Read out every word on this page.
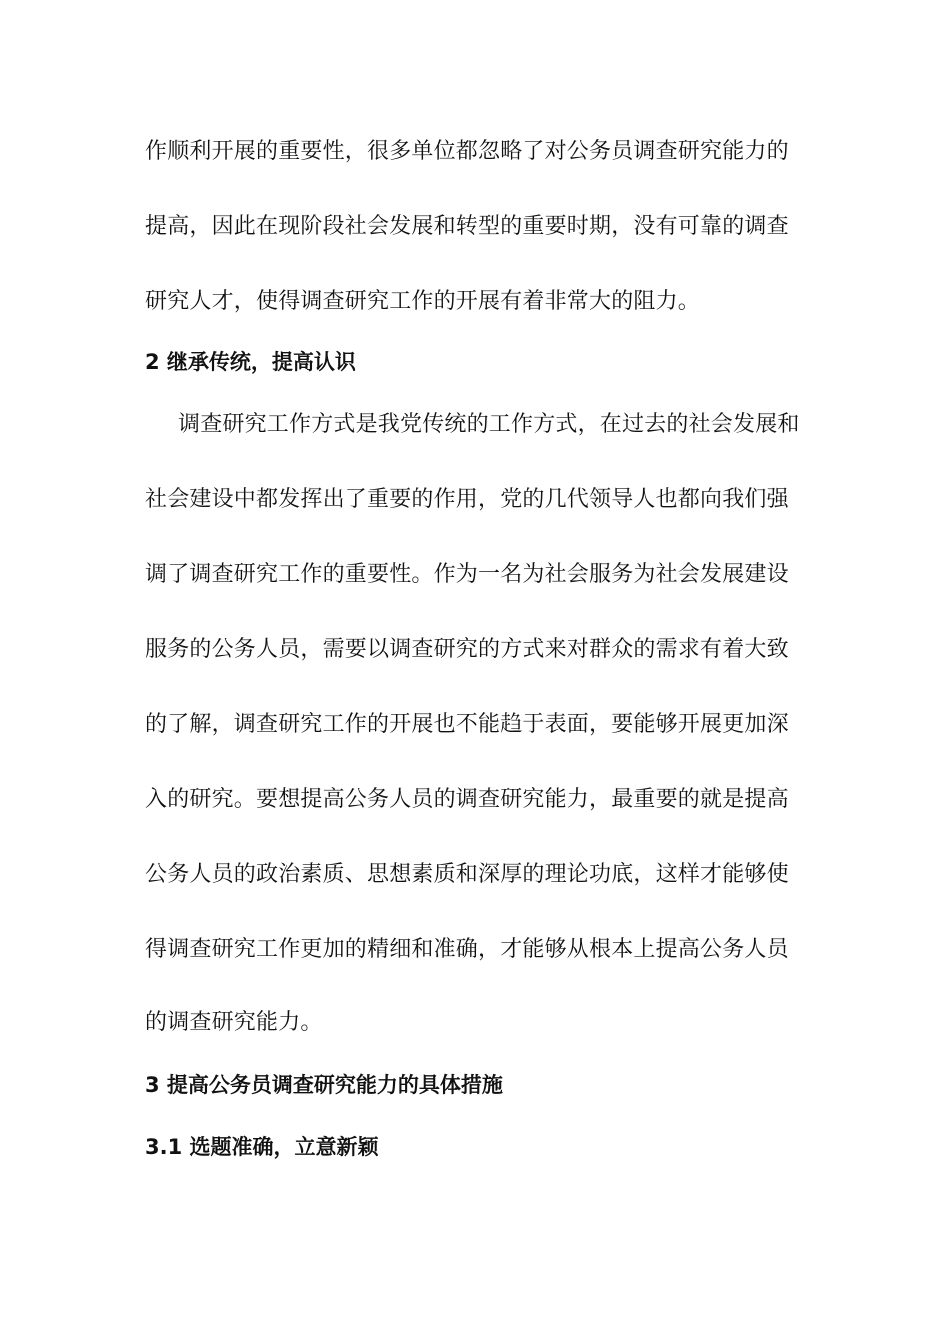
作顺利开展的重要性，很多单位都忽略了对公务员调查研究能力的
提高，因此在现阶段社会发展和转型的重要时期，没有可靠的调查
研究人才，使得调查研究工作的开展有着非常大的阻力。
2 继承传统，提高认识
调查研究工作方式是我党传统的工作方式，在过去的社会发展和
社会建设中都发挥出了重要的作用，党的几代领导人也都向我们强
调了调查研究工作的重要性。作为一名为社会服务为社会发展建设
服务的公务人员，需要以调查研究的方式来对群众的需求有着大致
的了解，调查研究工作的开展也不能趋于表面，要能够开展更加深
入的研究。要想提高公务人员的调查研究能力，最重要的就是提高
公务人员的政治素质、思想素质和深厚的理论功底，这样才能够使
得调查研究工作更加的精细和准确，才能够从根本上提高公务人员
的调查研究能力。
3 提高公务员调查研究能力的具体措施
3.1 选题准确，立意新颖
